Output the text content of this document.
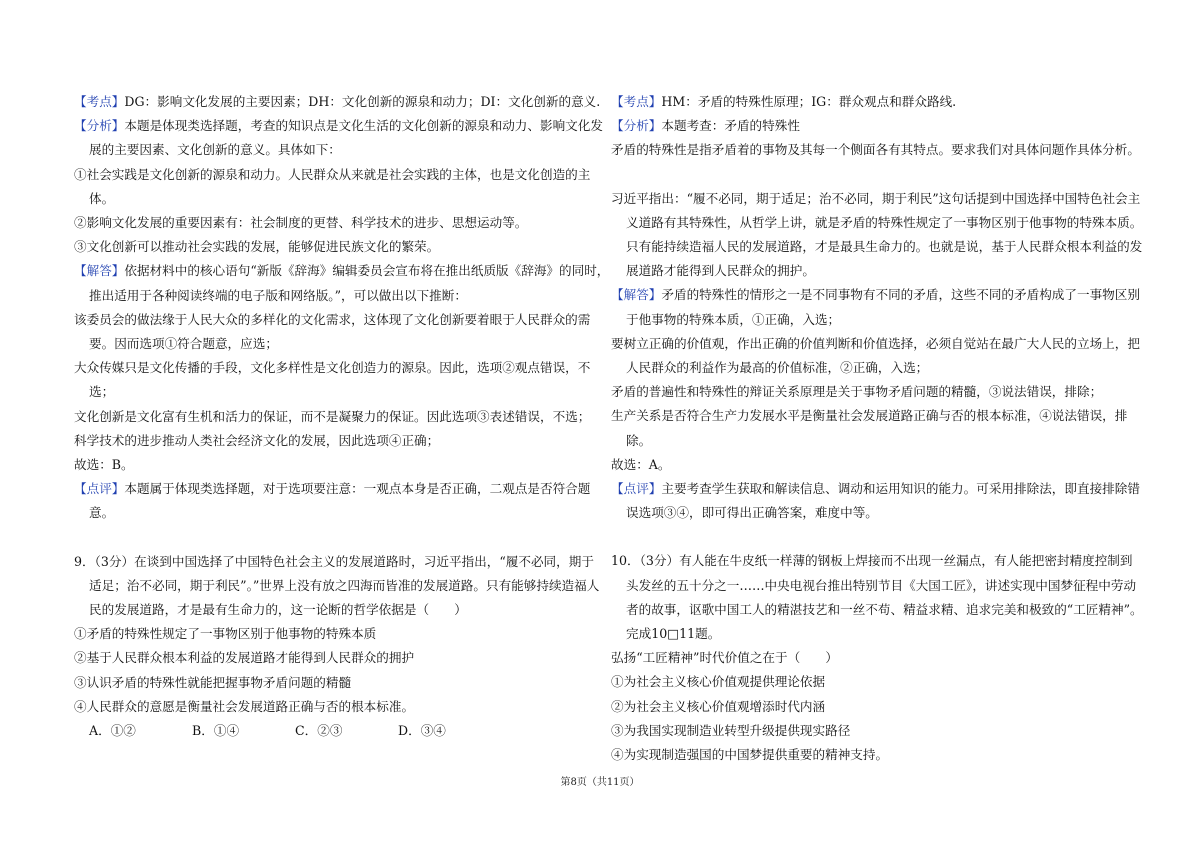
【考点】DG：影响文化发展的主要因素；DH：文化创新的源泉和动力；DI：文化创新的意义.
【分析】本题是体现类选择题，考查的知识点是文化生活的文化创新的源泉和动力、影响文化发
展的主要因素、文化创新的意义。具体如下：
①社会实践是文化创新的源泉和动力。人民群众从来就是社会实践的主体，也是文化创造的主
体。
②影响文化发展的重要因素有：社会制度的更替、科学技术的进步、思想运动等。
③文化创新可以推动社会实践的发展，能够促进民族文化的繁荣。
【解答】依据材料中的核心语句“新版《辞海》编辑委员会宣布将在推出纸质版《辞海》的同时，
推出适用于各种阅读终端的电子版和网络版。”，可以做出以下推断：
该委员会的做法缘于人民大众的多样化的文化需求，这体现了文化创新要着眼于人民群众的需
要。因而选项①符合题意，应选；
大众传媒只是文化传播的手段，文化多样性是文化创造力的源泉。因此，选项②观点错误，不
选；
文化创新是文化富有生机和活力的保证，而不是凝聚力的保证。因此选项③表述错误，不选；
科学技术的进步推动人类社会经济文化的发展，因此选项④正确；
故选：B。
【点评】本题属于体现类选择题，对于选项要注意：一观点本身是否正确，二观点是否符合题
意。
9．（3分）在谈到中国选择了中国特色社会主义的发展道路时，习近平指出，“履不必同，期于
适足；治不必同，期于利民”。”世界上没有放之四海而皆准的发展道路。只有能够持续造福人
民的发展道路，才是最有生命力的，这一论断的哲学依据是（　　）
①矛盾的特殊性规定了一事物区别于他事物的特殊本质
②基于人民群众根本利益的发展道路才能得到人民群众的拥护
③认识矛盾的特殊性就能把握事物矛盾问题的精髓
④人民群众的意愿是衡量社会发展道路正确与否的根本标准。
A．①②	B．①④	C．②③	D．③④
【考点】HM：矛盾的特殊性原理；IG：群众观点和群众路线.
【分析】本题考查：矛盾的特殊性
矛盾的特殊性是指矛盾着的事物及其每一个侧面各有其特点。要求我们对具体问题作具体分析。
习近平指出：“履不必同，期于适足；治不必同，期于利民”这句话提到中国选择中国特色社会主
义道路有其特殊性，从哲学上讲，就是矛盾的特殊性规定了一事物区别于他事物的特殊本质。
只有能持续造福人民的发展道路，才是最具生命力的。也就是说，基于人民群众根本利益的发
展道路才能得到人民群众的拥护。
【解答】矛盾的特殊性的情形之一是不同事物有不同的矛盾，这些不同的矛盾构成了一事物区别
于他事物的特殊本质，①正确，入选；
要树立正确的价值观，作出正确的价值判断和价值选择，必须自觉站在最广大人民的立场上，把
人民群众的利益作为最高的价值标准，②正确，入选；
矛盾的普遍性和特殊性的辩证关系原理是关于事物矛盾问题的精髓，③说法错误，排除；
生产关系是否符合生产力发展水平是衡量社会发展道路正确与否的根本标准，④说法错误，排
除。
故选：A。
【点评】主要考查学生获取和解读信息、调动和运用知识的能力。可采用排除法，即直接排除错
误选项③④，即可得出正确答案，难度中等。
10．（3分）有人能在牛皮纸一样薄的钢板上焊接而不出现一丝漏点，有人能把密封精度控制到
头发丝的五十分之一……中央电视台推出特别节目《大国工匠》，讲述实现中国梦征程中劳动
者的故事，讴歌中国工人的精湛技艺和一丝不苟、精益求精、追求完美和极致的“工匠精神”。
完成10□11题。
弘扬“工匠精神”时代价值之在于（　　）
①为社会主义核心价值观提供理论依据
②为社会主义核心价值观增添时代内涵
③为我国实现制造业转型升级提供现实路径
④为实现制造强国的中国梦提供重要的精神支持。
第8页（共11页）
